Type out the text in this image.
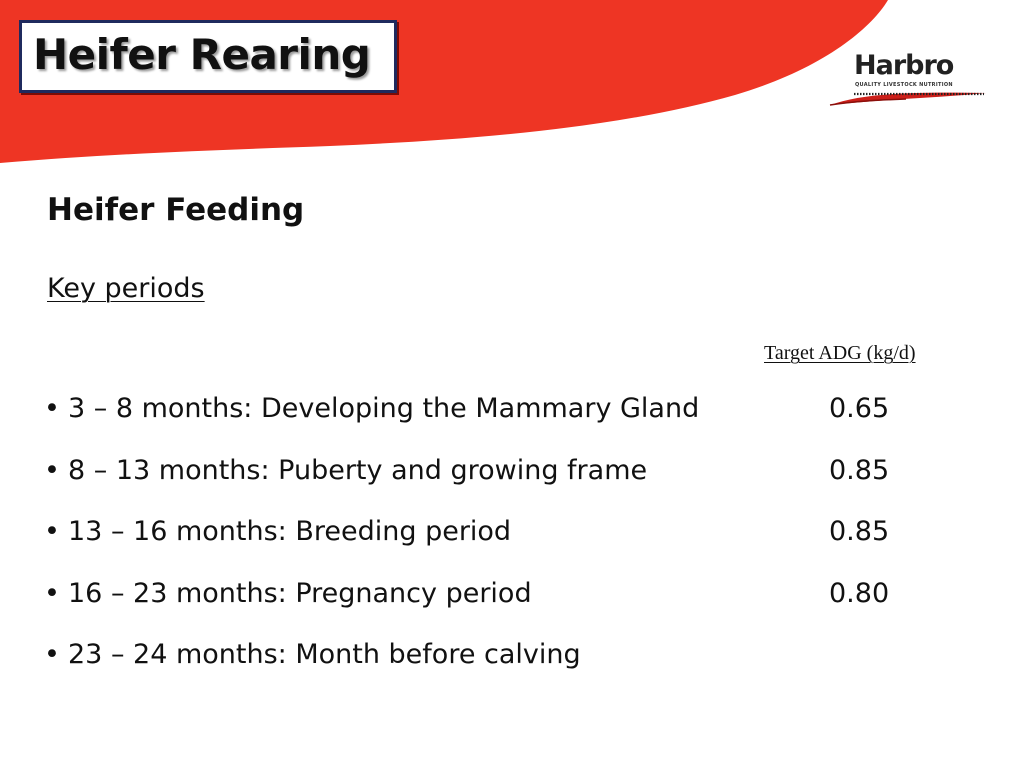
Heifer Rearing	Harbro
QUALITY LIVESTOCK NUTRITION
Heifer Feeding
Key periods
Target ADG (kg/d)
• 3 – 8 months: Developing the Mammary Gland	0.65
• 8 – 13 months: Puberty and growing frame	0.85
• 13 – 16 months: Breeding period	0.85
• 16 – 23 months: Pregnancy period	0.80
• 23 – 24 months: Month before calving
